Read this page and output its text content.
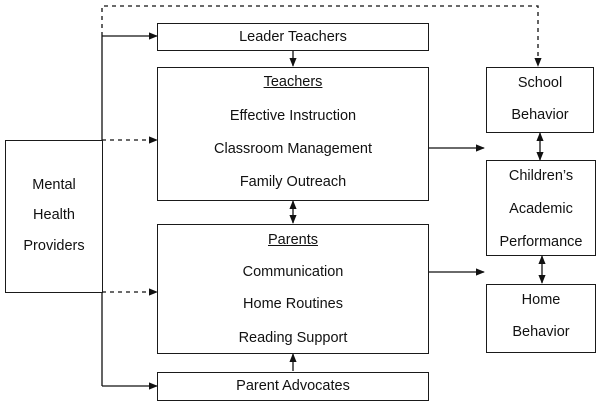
Mental
Health
Providers
Leader Teachers
Teachers
Effective Instruction
Classroom Management
Family Outreach
Parents
Communication
Home Routines
Reading Support
Parent Advocates
School
Behavior
Children’s
Academic
Performance
Home
Behavior
